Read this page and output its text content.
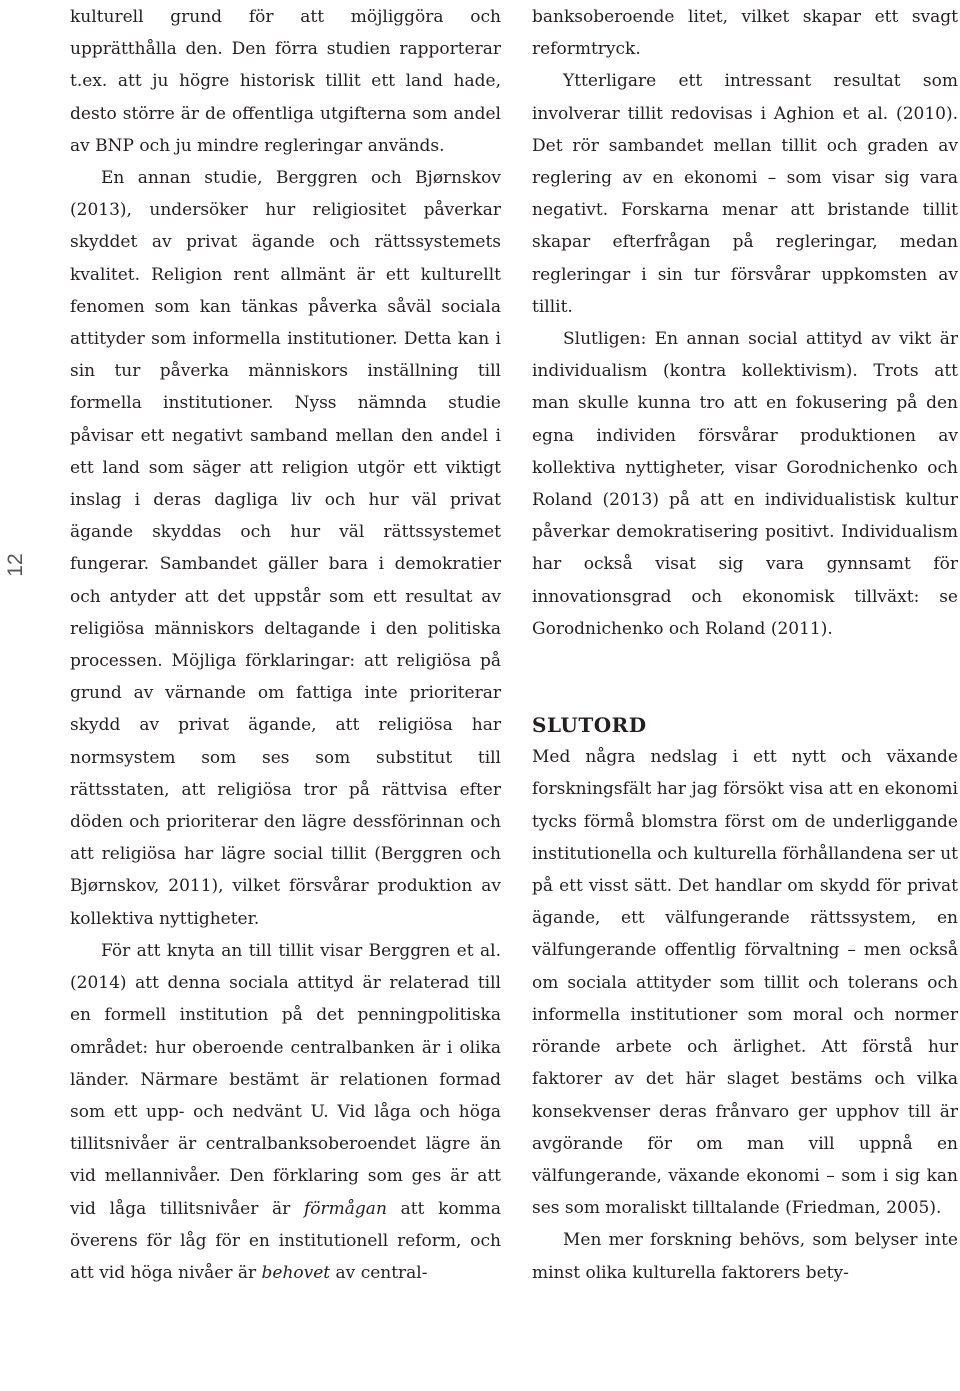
12

kulturell grund för att möjliggöra och upprätthålla den. Den förra studien rapporterar t.ex. att ju högre historisk tillit ett land hade, desto större är de offentliga utgifterna som andel av BNP och ju mindre regleringar används.

En annan studie, Berggren och Bjørnskov (2013), undersöker hur religiositet påverkar skyddet av privat ägande och rättssystemets kvalitet. Religion rent allmänt är ett kulturellt fenomen som kan tänkas påverka såväl sociala attityder som informella institutioner. Detta kan i sin tur påverka människors inställning till formella institutioner. Nyss nämnda studie påvisar ett negativt samband mellan den andel i ett land som säger att religion utgör ett viktigt inslag i deras dagliga liv och hur väl privat ägande skyddas och hur väl rättssystemet fungerar. Sambandet gäller bara i demokratier och antyder att det uppstår som ett resultat av religiösa människors deltagande i den politiska processen. Möjliga förklaringar: att religiösa på grund av värnande om fattiga inte prioriterar skydd av privat ägande, att religiösa har normsystem som ses som substitut till rättsstaten, att religiösa tror på rättvisa efter döden och prioriterar den lägre dessförinnan och att religiösa har lägre social tillit (Berggren och Bjørnskov, 2011), vilket försvårar produktion av kollektiva nyttigheter.

För att knyta an till tillit visar Berggren et al. (2014) att denna sociala attityd är relaterad till en formell institution på det penningpolitiska området: hur oberoende centralbanken är i olika länder. Närmare bestämt är relationen formad som ett upp- och nedvänt U. Vid låga och höga tillitsnivåer är centralbanksoberoendet lägre än vid mellannivåer. Den förklaring som ges är att vid låga tillitsnivåer är förmågan att komma överens för låg för en institutionell reform, och att vid höga nivåer är behovet av central-

banksoberoende litet, vilket skapar ett svagt reformtryck.

Ytterligare ett intressant resultat som involverar tillit redovisas i Aghion et al. (2010). Det rör sambandet mellan tillit och graden av reglering av en ekonomi – som visar sig vara negativt. Forskarna menar att bristande tillit skapar efterfrågan på regleringar, medan regleringar i sin tur försvårar uppkomsten av tillit.

Slutligen: En annan social attityd av vikt är individualism (kontra kollektivism). Trots att man skulle kunna tro att en fokusering på den egna individen försvårar produktionen av kollektiva nyttigheter, visar Gorodnichenko och Roland (2013) på att en individualistisk kultur påverkar demokratisering positivt. Individualism har också visat sig vara gynnsamt för innovationsgrad och ekonomisk tillväxt: se Gorodnichenko och Roland (2011).

SLUTORD

Med några nedslag i ett nytt och växande forskningsfält har jag försökt visa att en ekonomi tycks förmå blomstra först om de underliggande institutionella och kulturella förhållandena ser ut på ett visst sätt. Det handlar om skydd för privat ägande, ett välfungerande rättssystem, en välfungerande offentlig förvaltning – men också om sociala attityder som tillit och tolerans och informella institutioner som moral och normer rörande arbete och ärlighet. Att förstå hur faktorer av det här slaget bestäms och vilka konsekvenser deras frånvaro ger upphov till är avgörande för om man vill uppnå en välfungerande, växande ekonomi – som i sig kan ses som moraliskt tilltalande (Friedman, 2005).

Men mer forskning behövs, som belyser inte minst olika kulturella faktorers bety-
